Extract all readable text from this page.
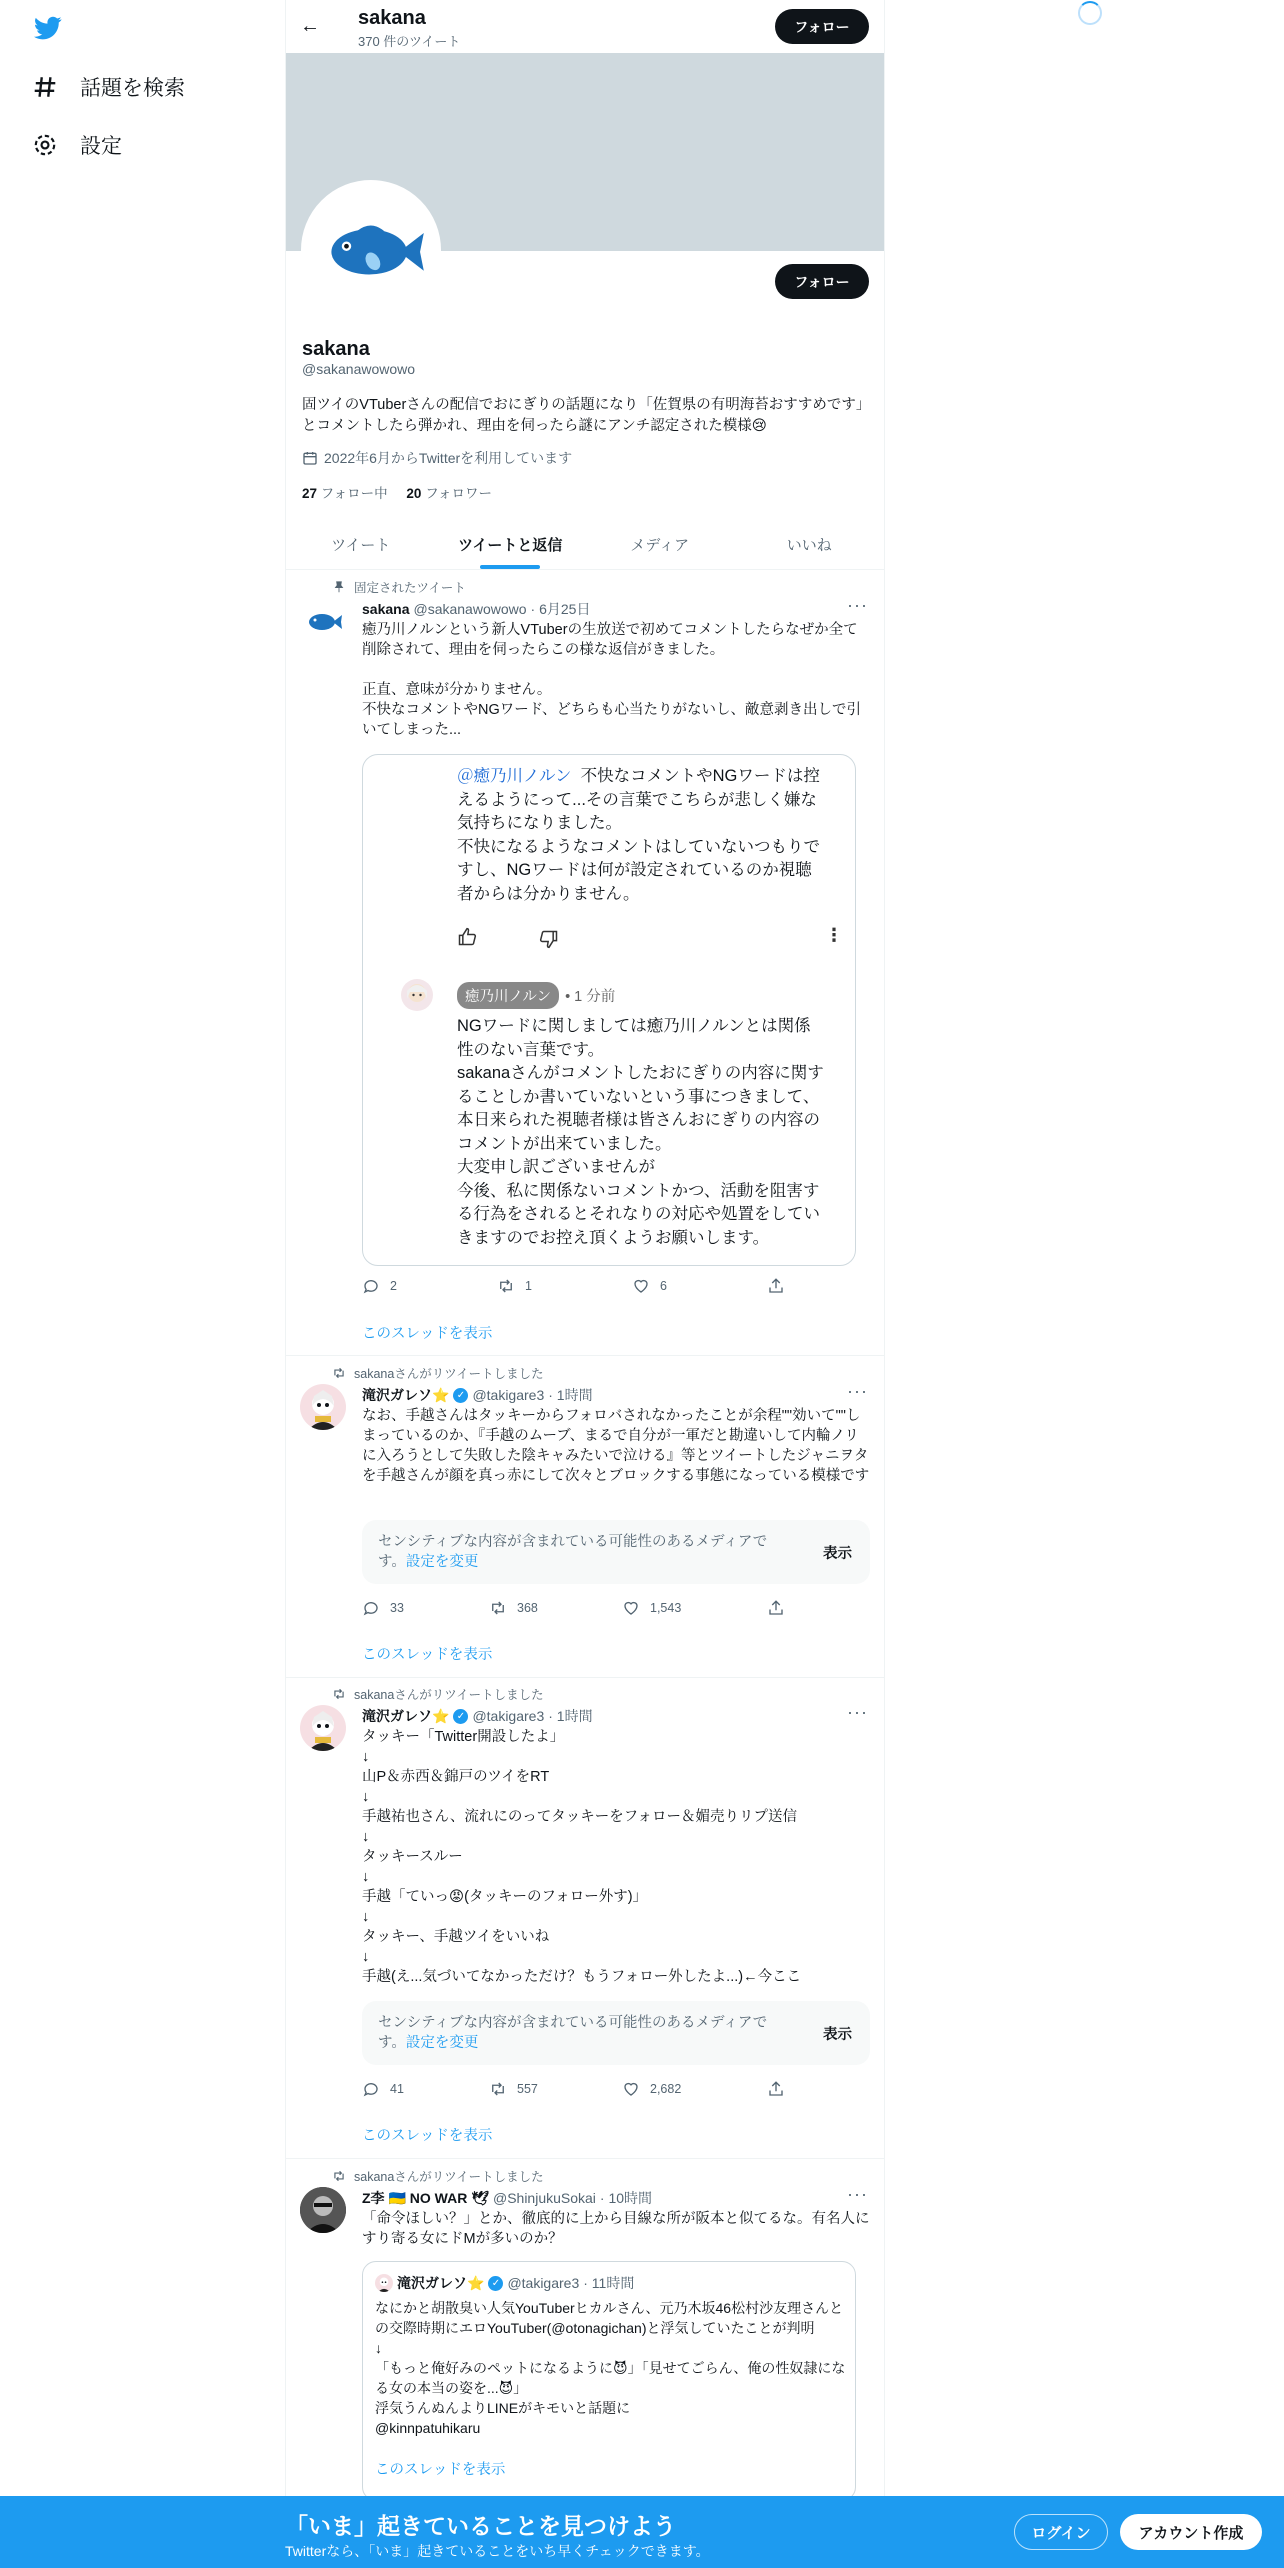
話題を検索
設定
← sakana
370 件のツイート
フォロー
フォロー
sakana
@sakanawowowo
固ツイのVTuberさんの配信でおにぎりの話題になり「佐賀県の有明海苔おすすめです」とコメントしたら弾かれ、理由を伺ったら謎にアンチ認定された模様😢
2022年6月からTwitterを利用しています
27 フォロー中 20 フォロワー
ツイート	ツイートと返信	メディア	いいね
固定されたツイート
sakana @sakanawowowo · 6月25日	···
癒乃川ノルンという新人VTuberの生放送で初めてコメントしたらなぜか全て削除されて、理由を伺ったらこの様な返信がきました。

正直、意味が分かりません。
不快なコメントやNGワード、どちらも心当たりがないし、敵意剥き出しで引いてしまった...
＠癒乃川ノルン 不快なコメントやNGワードは控えるようにって...その言葉でこちらが悲しく嫌な気持ちになりました。
不快になるようなコメントはしていないつもりですし、NGワードは何が設定されているのか視聴者からは分かりません。
⋮
癒乃川ノルン • 1 分前
NGワードに関しましては癒乃川ノルンとは関係性のない言葉です。
sakanaさんがコメントしたおにぎりの内容に関することしか書いていないという事につきまして、本日来られた視聴者様は皆さんおにぎりの内容のコメントが出来ていました。
大変申し訳ございませんが
今後、私に関係ないコメントかつ、活動を阻害する行為をされるとそれなりの対応や処置をしていきますのでお控え頂くようお願いします。
2	1	6
このスレッドを表示
sakanaさんがリツイートしました
滝沢ガレソ⭐ ✓ @takigare3 · 1時間	···
なお、手越さんはタッキーからフォロバされなかったことが余程""効いて""しまっているのか、『手越のムーブ、まるで自分が一軍だと勘違いして内輪ノリに入ろうとして失敗した陰キャみたいで泣ける』等とツイートしたジャニヲタを手越さんが顔を真っ赤にして次々とブロックする事態になっている模様です
センシティブな内容が含まれている可能性のあるメディアです。設定を変更	表示
33	368	1,543
このスレッドを表示
sakanaさんがリツイートしました
滝沢ガレソ⭐ ✓ @takigare3 · 1時間	···
タッキー「Twitter開設したよ」
↓
山P＆赤西＆錦戸のツイをRT
↓
手越祐也さん、流れにのってタッキーをフォロー＆媚売りリプ送信
↓
タッキースルー
↓
手越「ていっ😡(タッキーのフォロー外す)」
↓
タッキー、手越ツイをいいね
↓
手越(え...気づいてなかっただけ？もうフォロー外したよ...)←今ここ
センシティブな内容が含まれている可能性のあるメディアです。設定を変更	表示
41	557	2,682
このスレッドを表示
sakanaさんがリツイートしました
Z李 🇺🇦 NO WAR 🕊 @ShinjukuSokai · 10時間	···
「命令ほしい？」とか、徹底的に上から目線な所が阪本と似てるな。有名人にすり寄る女にドMが多いのか？
滝沢ガレソ⭐ ✓ @takigare3 · 11時間
なにかと胡散臭い人気YouTuberヒカルさん、元乃木坂46松村沙友理さんとの交際時期にエロYouTuber(@otonagichan)と浮気していたことが判明
↓
「もっと俺好みのペットになるように😈」「見せてごらん、俺の性奴隷になる女の本当の姿を...😈」
浮気うんぬんよりLINEがキモいと話題に
@kinnpatuhikaru
このスレッドを表示
「いま」起きていることを見つけよう
Twitterなら、「いま」起きていることをいち早くチェックできます。
ログイン	アカウント作成
